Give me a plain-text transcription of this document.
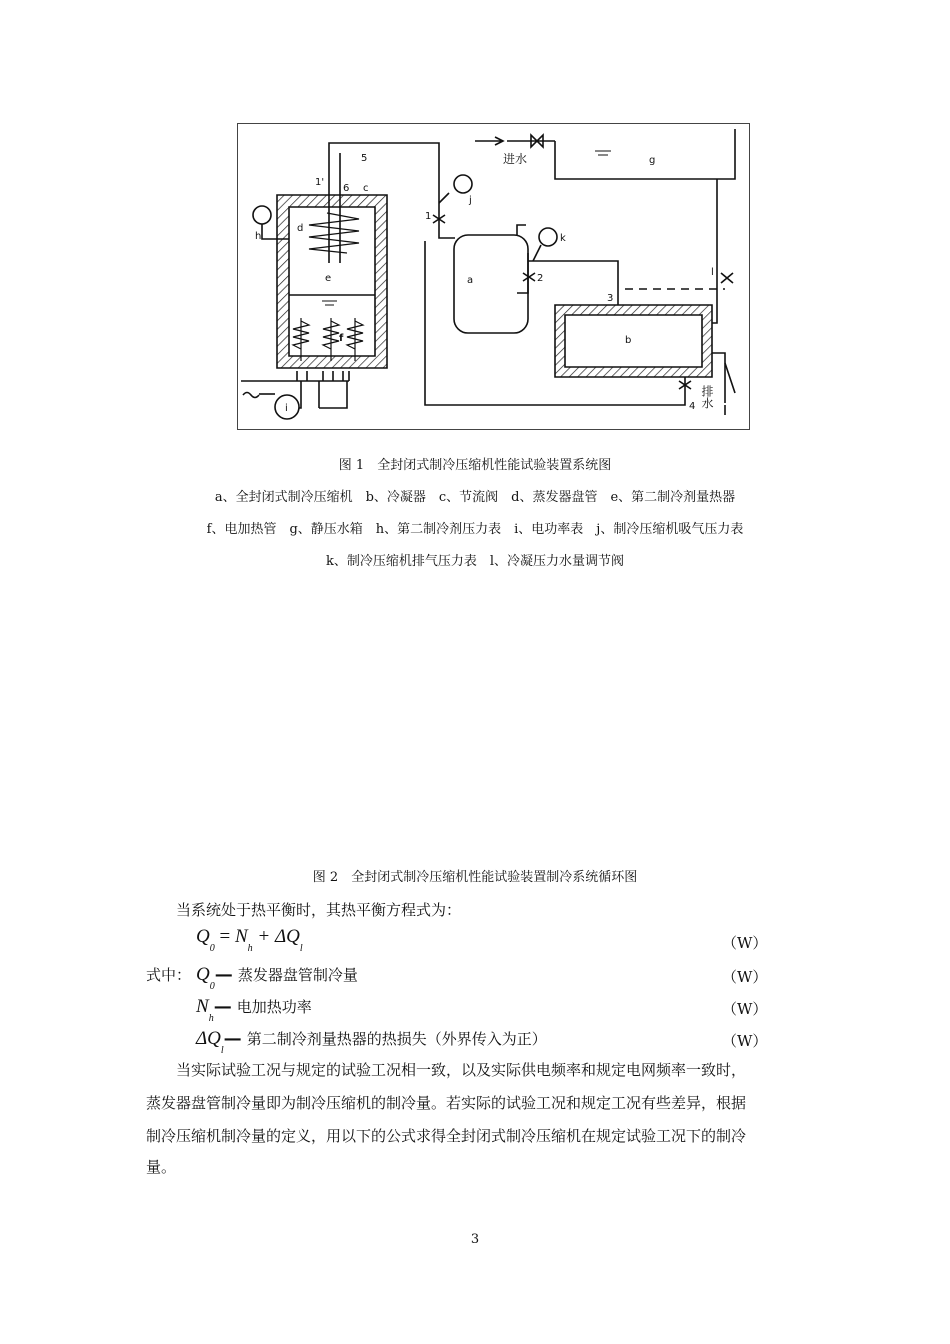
a
b
d
e
f
g
h
i
j
k
l
1
1'
2
3
4
5
6 c
进水
排水
图 1　全封闭式制冷压缩机性能试验装置系统图
a、全封闭式制冷压缩机　b、冷凝器　c、节流阀　d、蒸发器盘管　e、第二制冷剂量热器
f、电加热管　g、静压水箱　h、第二制冷剂压力表　i、电功率表　j、制冷压缩机吸气压力表
k、制冷压缩机排气压力表　l、冷凝压力水量调节阀
图 2　全封闭式制冷压缩机性能试验装置制冷系统循环图
当系统处于热平衡时，其热平衡方程式为：
$Q_0 = N_h + \Delta Q_l$	（W）
式中： $Q_0—$ 蒸发器盘管制冷量	（W）
$N_h—$ 电加热功率	（W）
$\Delta Q_l—$ 第二制冷剂量热器的热损失（外界传入为正）	（W）
当实际试验工况与规定的试验工况相一致，以及实际供电频率和规定电网频率一致时，
蒸发器盘管制冷量即为制冷压缩机的制冷量。若实际的试验工况和规定工况有些差异，根据
制冷压缩机制冷量的定义，用以下的公式求得全封闭式制冷压缩机在规定试验工况下的制冷
量。
3
